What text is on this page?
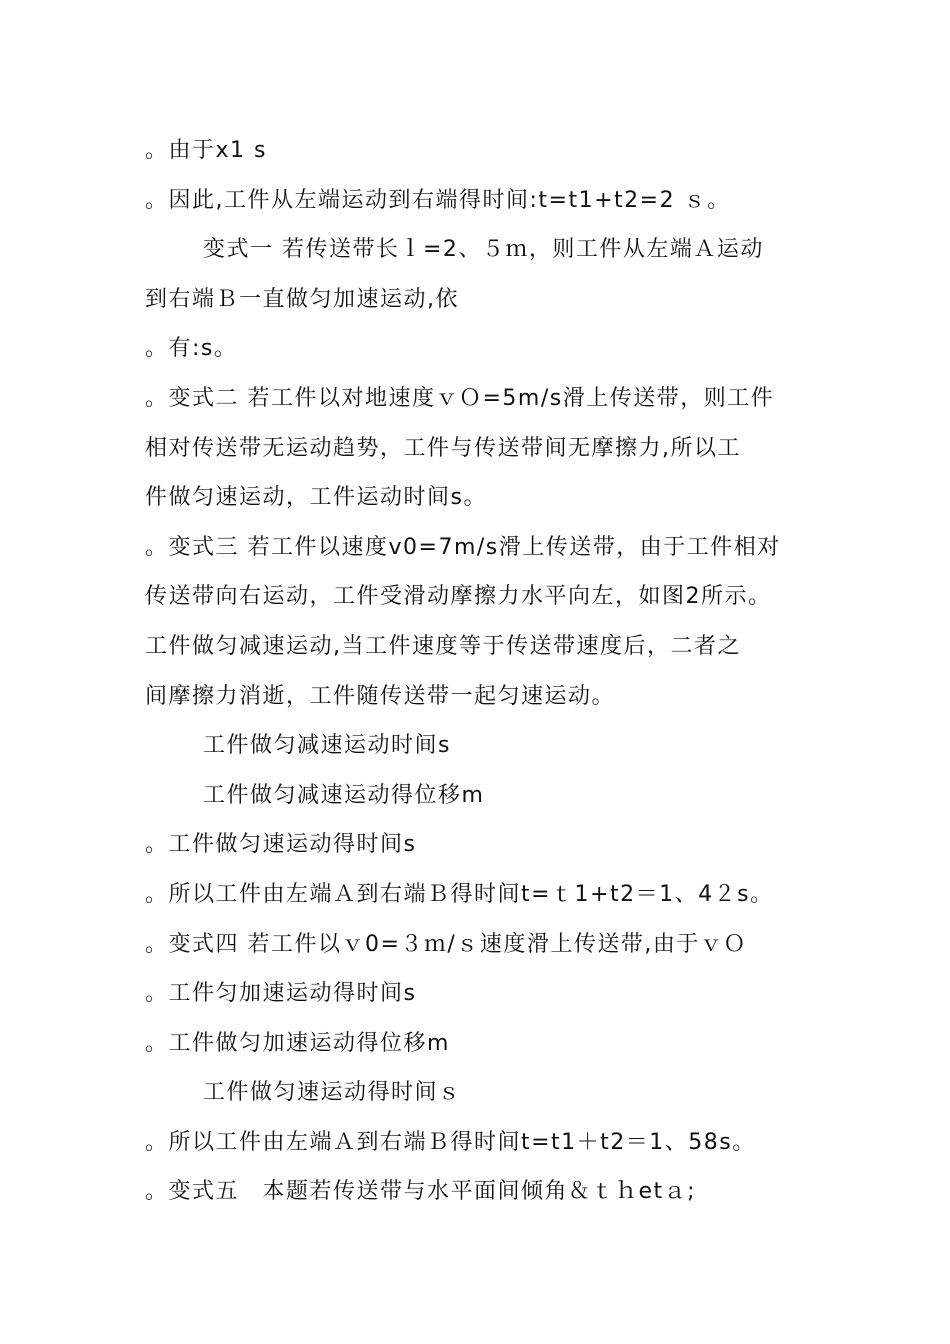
。由于x1 s
。因此,工件从左端运动到右端得时间:t=t1+t2=2 ｓ。
变式一 若传送带长ｌ=2、５ｍ，则工件从左端Ａ运动
到右端Ｂ一直做匀加速运动,依
。有:s。
。变式二 若工件以对地速度ｖＯ=5m/s滑上传送带，则工件
相对传送带无运动趋势，工件与传送带间无摩擦力,所以工
件做匀速运动，工件运动时间s。
。变式三 若工件以速度v0=7m/s滑上传送带，由于工件相对
传送带向右运动，工件受滑动摩擦力水平向左，如图2所示。
工件做匀减速运动,当工件速度等于传送带速度后，二者之
间摩擦力消逝，工件随传送带一起匀速运动。
工件做匀减速运动时间s
工件做匀减速运动得位移m
。工件做匀速运动得时间s
。所以工件由左端Ａ到右端Ｂ得时间t=ｔ1+t2＝1、4２s。
。变式四 若工件以ｖ0=３ｍ/ｓ速度滑上传送带,由于ｖＯ
。工件匀加速运动得时间s
。工件做匀加速运动得位移m
工件做匀速运动得时间ｓ
。所以工件由左端Ａ到右端Ｂ得时间t=t1＋t2＝1、58s。
。变式五　本题若传送带与水平面间倾角＆ｔｈetａ;
